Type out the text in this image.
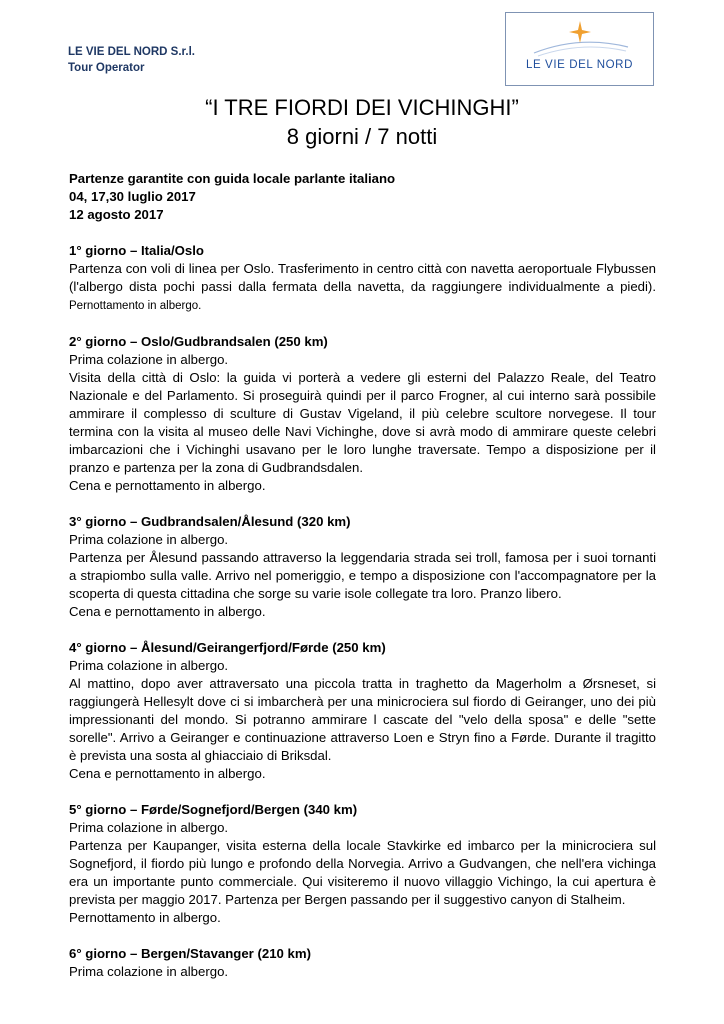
LE VIE DEL NORD S.r.l.
Tour Operator	LE VIE DEL NORD
“I TRE FIORDI DEI VICHINGHI”
8 giorni / 7 notti

Partenze garantite con guida locale parlante italiano

04, 17,30 luglio 2017

12 agosto 2017

1° giorno – Italia/Oslo

Partenza con voli di linea per Oslo. Trasferimento in centro città con navetta aeroportuale Flybussen (l'albergo dista pochi passi dalla fermata della navetta, da raggiungere individualmente a piedi). Pernottamento in albergo.

2° giorno – Oslo/Gudbrandsalen (250 km)

Prima colazione in albergo.

Visita della città di Oslo: la guida vi porterà a vedere gli esterni del Palazzo Reale, del Teatro Nazionale e del Parlamento. Si proseguirà quindi per il parco Frogner, al cui interno sarà possibile ammirare il complesso di sculture di Gustav Vigeland, il più celebre scultore norvegese. Il tour termina con la visita al museo delle Navi Vichinghe, dove si avrà modo di ammirare queste celebri imbarcazioni che i Vichinghi usavano per le loro lunghe traversate. Tempo a disposizione per il pranzo e partenza per la zona di Gudbrandsdalen.

Cena e pernottamento in albergo.

3° giorno – Gudbrandsalen/Ålesund (320 km)

Prima colazione in albergo.

Partenza per Ålesund passando attraverso la leggendaria strada sei troll, famosa per i suoi tornanti a strapiombo sulla valle. Arrivo nel pomeriggio, e tempo a disposizione con l'accompagnatore per la scoperta di questa cittadina che sorge su varie isole collegate tra loro. Pranzo libero.

Cena e pernottamento in albergo.

4° giorno – Ålesund/Geirangerfjord/Førde (250 km)

Prima colazione in albergo.

Al mattino, dopo aver attraversato una piccola tratta in traghetto da Magerholm a Ørsneset, si raggiungerà Hellesylt dove ci si imbarcherà per una minicrociera sul fiordo di Geiranger, uno dei più impressionanti del mondo. Si potranno ammirare l cascate del "velo della sposa" e delle "sette sorelle". Arrivo a Geiranger e continuazione attraverso Loen e Stryn fino a Førde. Durante il tragitto è prevista una sosta al ghiacciaio di Briksdal.

Cena e pernottamento in albergo.

5° giorno – Førde/Sognefjord/Bergen (340 km)

Prima colazione in albergo.

Partenza per Kaupanger, visita esterna della locale Stavkirke ed imbarco per la minicrociera sul Sognefjord, il fiordo più lungo e profondo della Norvegia. Arrivo a Gudvangen, che nell'era vichinga era un importante punto commerciale. Qui visiteremo il nuovo villaggio Vichingo, la cui apertura è prevista per maggio 2017. Partenza per Bergen passando per il suggestivo canyon di Stalheim.

Pernottamento in albergo.

6° giorno – Bergen/Stavanger (210 km)

Prima colazione in albergo.
